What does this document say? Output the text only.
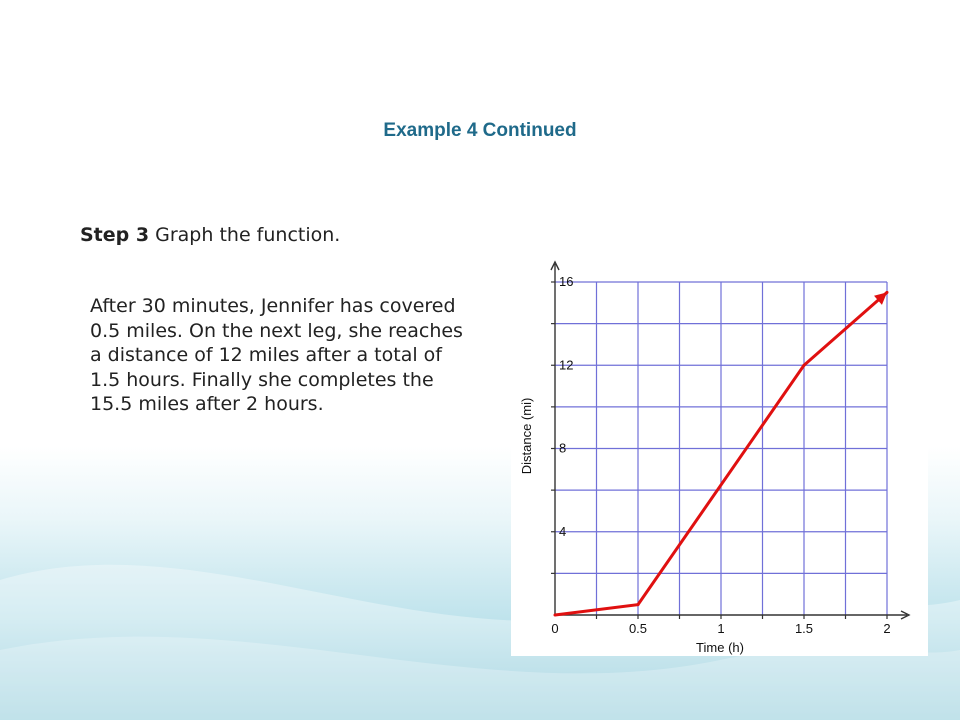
Example 4 Continued
Step 3 Graph the function.
After 30 minutes, Jennifer has covered 0.5 miles. On the next leg, she reaches a distance of 12 miles after a total of 1.5 hours. Finally she completes the 15.5 miles after 2 hours.
0	0.5	1	1.5	2
4
8
12
16
Time (h)
Distance (mi)
